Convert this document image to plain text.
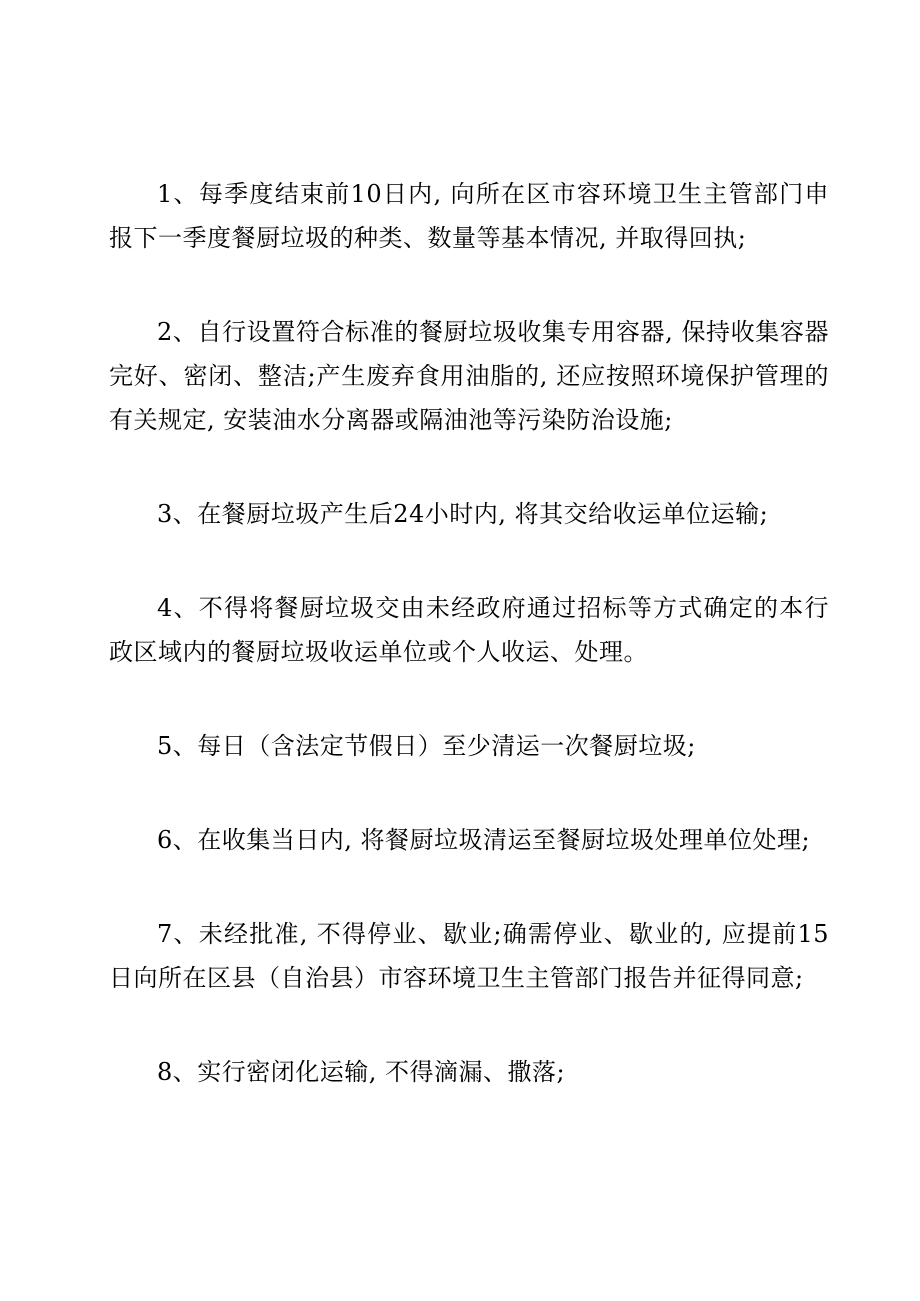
1、每季度结束前10日内, 向所在区市容环境卫生主管部门申报下一季度餐厨垃圾的种类、数量等基本情况, 并取得回执;

2、自行设置符合标准的餐厨垃圾收集专用容器, 保持收集容器完好、密闭、整洁;产生废弃食用油脂的, 还应按照环境保护管理的有关规定, 安装油水分离器或隔油池等污染防治设施;

3、在餐厨垃圾产生后24小时内, 将其交给收运单位运输;

4、不得将餐厨垃圾交由未经政府通过招标等方式确定的本行政区域内的餐厨垃圾收运单位或个人收运、处理。

5、每日（含法定节假日）至少清运一次餐厨垃圾;

6、在收集当日内, 将餐厨垃圾清运至餐厨垃圾处理单位处理;

7、未经批准, 不得停业、歇业;确需停业、歇业的, 应提前15日向所在区县（自治县）市容环境卫生主管部门报告并征得同意;

8、实行密闭化运输, 不得滴漏、撒落;
